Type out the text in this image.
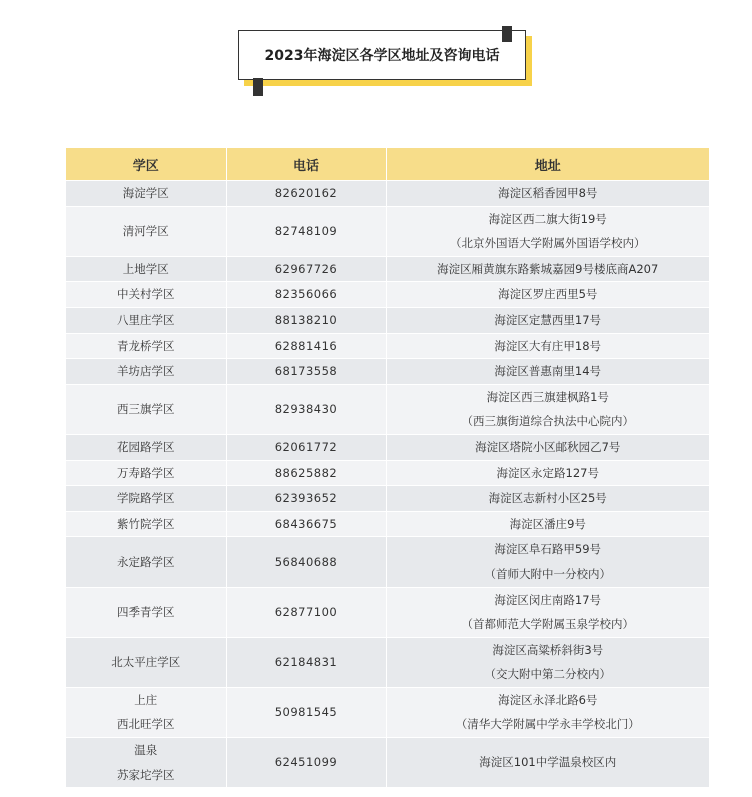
2023年海淀区各学区地址及咨询电话
学区	电话	地址

海淀学区	82620162	海淀区稻香园甲8号

清河学区	82748109	海淀区西二旗大街19号
（北京外国语大学附属外国语学校内）

上地学区	62967726	海淀区厢黄旗东路紫城嘉园9号楼底商A207

中关村学区	82356066	海淀区罗庄西里5号

八里庄学区	88138210	海淀区定慧西里17号

青龙桥学区	62881416	海淀区大有庄甲18号

羊坊店学区	68173558	海淀区普惠南里14号

西三旗学区	82938430	海淀区西三旗建枫路1号
（西三旗街道综合执法中心院内）

花园路学区	62061772	海淀区塔院小区邮秋园乙7号

万寿路学区	88625882	海淀区永定路127号

学院路学区	62393652	海淀区志新村小区25号

紫竹院学区	68436675	海淀区潘庄9号

永定路学区	56840688	海淀区阜石路甲59号
（首师大附中一分校内）

四季青学区	62877100	海淀区闵庄南路17号
（首都师范大学附属玉泉学校内）

北太平庄学区	62184831	海淀区高粱桥斜街3号
（交大附中第二分校内）

上庄
西北旺学区	50981545	海淀区永泽北路6号
（清华大学附属中学永丰学校北门）

温泉
苏家坨学区	62451099	海淀区101中学温泉校区内
